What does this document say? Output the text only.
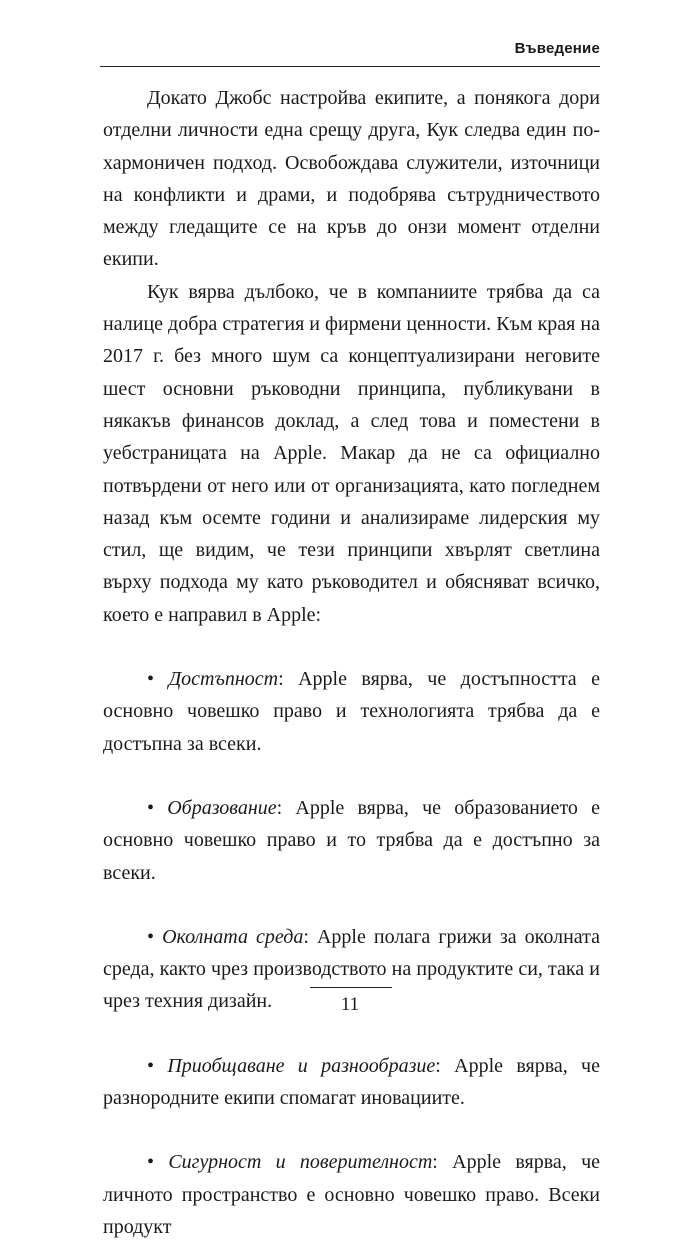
Въведение

Докато Джобс настройва екипите, а понякога дори отделни личности една срещу друга, Кук следва един по-хармоничен подход. Освобождава служители, източници на конфликти и драми, и подобрява сътрудничеството между гледащите се на кръв до онзи момент отделни екипи.

Кук вярва дълбоко, че в компаниите трябва да са налице добра стратегия и фирмени ценности. Към края на 2017 г. без много шум са концептуализирани неговите шест основни ръководни принципа, публикувани в някакъв финансов доклад, а след това и поместени в уебстраницата на Apple. Макар да не са официално потвърдени от него или от организацията, като погледнем назад към осемте години и анализираме лидерския му стил, ще видим, че тези принципи хвърлят светлина върху подхода му като ръководител и обясняват всичко, което е направил в Apple:

• Достъпност: Apple вярва, че достъпността е основно човешко право и технологията трябва да е достъпна за всеки.

• Образование: Apple вярва, че образованието е основно човешко право и то трябва да е достъпно за всеки.

• Околната среда: Apple полага грижи за околната среда, както чрез производството на продуктите си, така и чрез техния дизайн.

• Приобщаване и разнообразие: Apple вярва, че разнородните екипи спомагат иновациите.

• Сигурност и поверителност: Apple вярва, че личното пространство е основно човешко право. Всеки продукт

11
